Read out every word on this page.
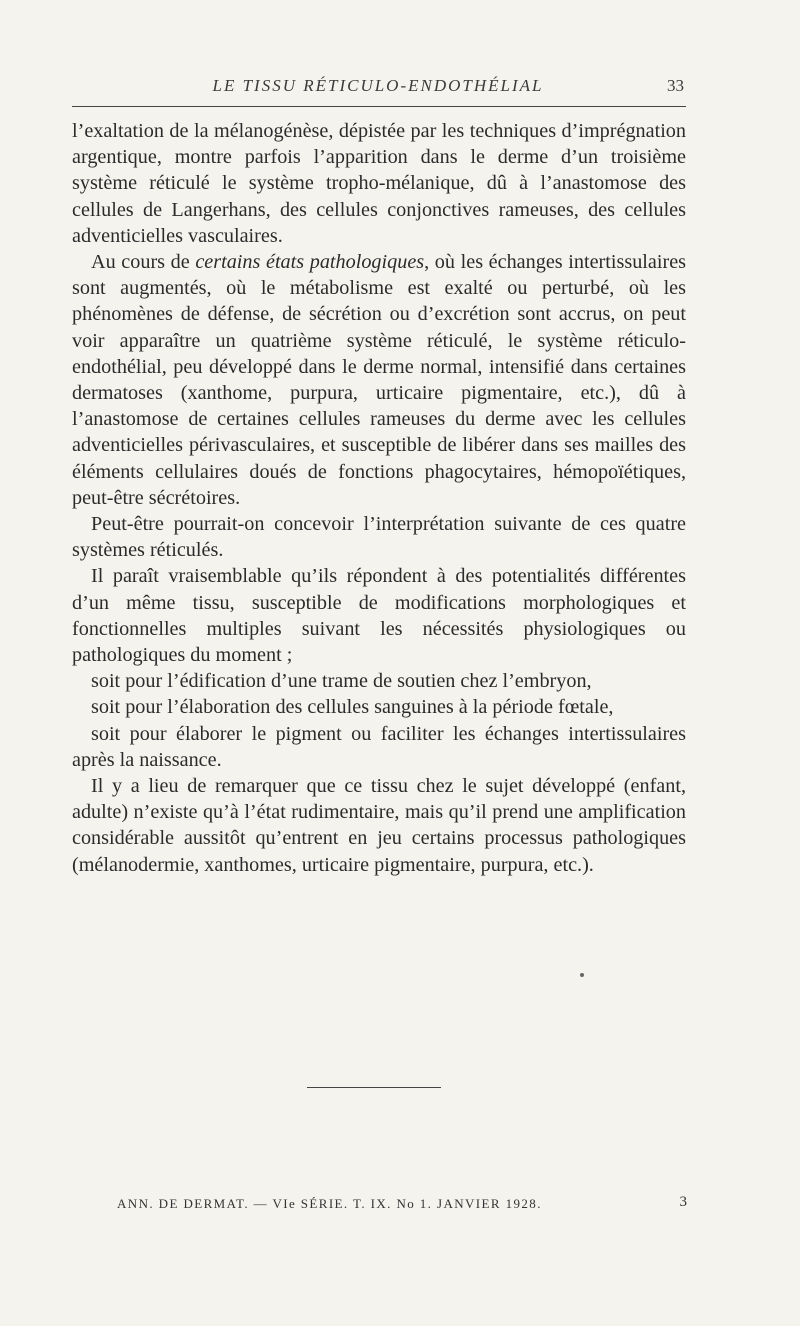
LE TISSU RÉTICULO-ENDOTHÉLIAL	33

l’exaltation de la mélanogénèse, dépistée par les techniques d’imprégnation argentique, montre parfois l’apparition dans le derme d’un troisième système réticulé le système tropho-mélanique, dû à l’anastomose des cellules de Langerhans, des cellules conjonctives rameuses, des cellules adventicielles vasculaires.

Au cours de certains états pathologiques, où les échanges intertissulaires sont augmentés, où le métabolisme est exalté ou perturbé, où les phénomènes de défense, de sécrétion ou d’excrétion sont accrus, on peut voir apparaître un quatrième système réticulé, le système réticulo-endothélial, peu développé dans le derme normal, intensifié dans certaines dermatoses (xanthome, purpura, urticaire pigmentaire, etc.), dû à l’anastomose de certaines cellules rameuses du derme avec les cellules adventicielles périvasculaires, et susceptible de libérer dans ses mailles des éléments cellulaires doués de fonctions phagocytaires, hémopoïétiques, peut-être sécrétoires.

Peut-être pourrait-on concevoir l’interprétation suivante de ces quatre systèmes réticulés.

Il paraît vraisemblable qu’ils répondent à des potentialités différentes d’un même tissu, susceptible de modifications morphologiques et fonctionnelles multiples suivant les nécessités physiologiques ou pathologiques du moment ;

soit pour l’édification d’une trame de soutien chez l’embryon,

soit pour l’élaboration des cellules sanguines à la période fœtale,

soit pour élaborer le pigment ou faciliter les échanges intertissulaires après la naissance.

Il y a lieu de remarquer que ce tissu chez le sujet développé (enfant, adulte) n’existe qu’à l’état rudimentaire, mais qu’il prend une amplification considérable aussitôt qu’entrent en jeu certains processus pathologiques (mélanodermie, xanthomes, urticaire pigmentaire, purpura, etc.).

ANN. DE DERMAT. — VIe SÉRIE. T. IX. No 1. JANVIER 1928.	3
